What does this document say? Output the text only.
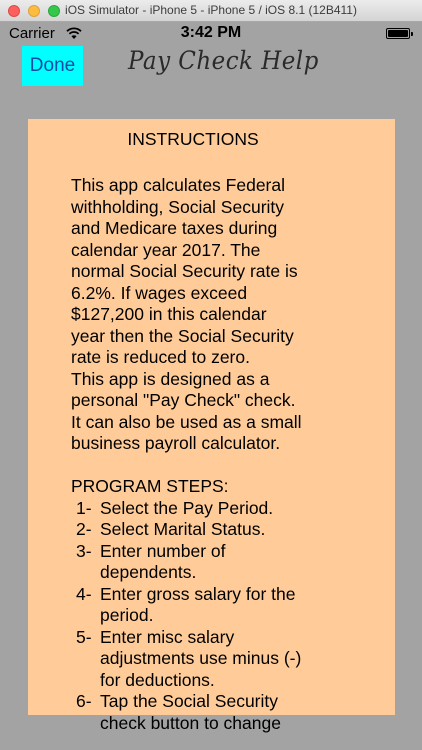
iOS Simulator - iPhone 5 - iPhone 5 / iOS 8.1 (12B411)
Carrier	3:42 PM
Done	Pay Check Help
INSTRUCTIONS
This app calculates Federal
withholding, Social Security
and Medicare taxes during
calendar year 2017. The
normal Social Security rate is
6.2%. If wages exceed
$127,200 in this calendar
year then the Social Security
rate is reduced to zero.
This app is designed as a
personal "Pay Check" check.
It can also be used as a small
business payroll calculator.
PROGRAM STEPS:
1- Select the Pay Period.
2- Select Marital Status.
3- Enter number of
dependents.
4- Enter gross salary for the
period.
5- Enter misc salary
adjustments use minus (-)
for deductions.
6- Tap the Social Security
check button to change
